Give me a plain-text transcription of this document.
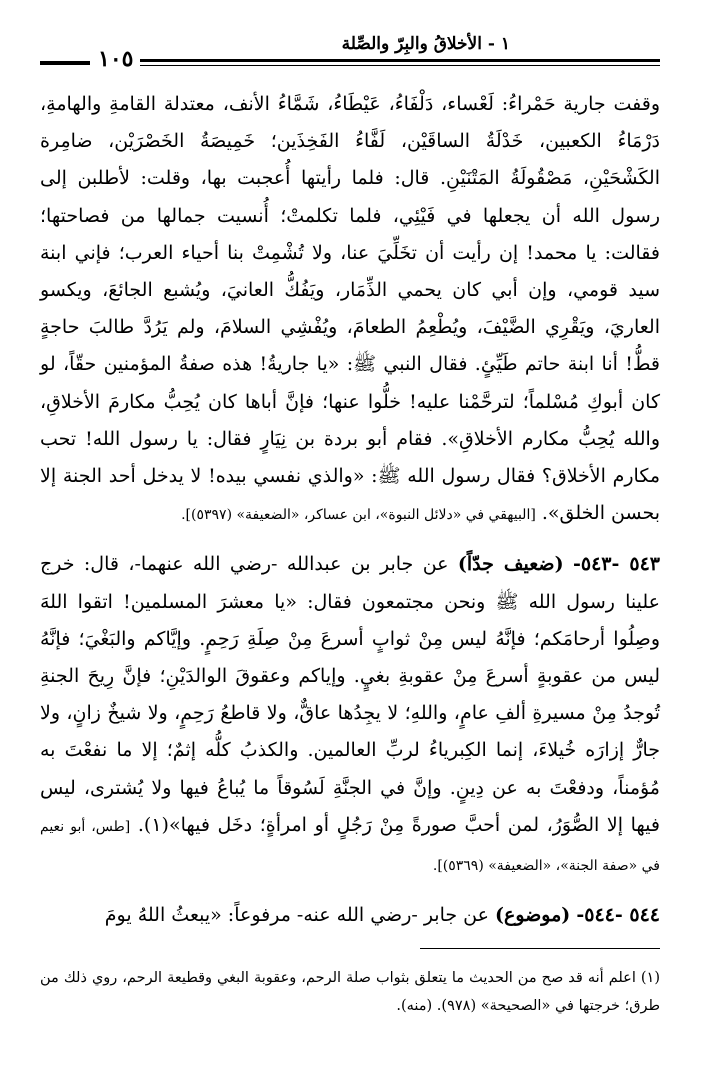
١ - الأخلاقُ والبِرّ والصِّلة
١٠٥

وقفت جارية حَمْراءُ: لَعْساء، دَلْفَاءُ، عَيْطَاءُ، شَمَّاءُ الأنف، معتدلة القامةِ والهامةِ، دَرْمَاءُ الكعبين، خَدْلَةُ الساقَيْن، لَفَّاءُ الفَخِذَين؛ خَمِيصَةُ الخَصْرَيْن، ضامِرة الكَشْحَيْنِ، مَصْقُولَةُ المَتْنَيْنِ. قال: فلما رأيتها أُعجبت بها، وقلت: لأطلبن إلى رسول الله أن يجعلها في فَيْئِي، فلما تكلمتْ؛ أُنسيت جمالها من فصاحتها؛ فقالت: يا محمد! إن رأيت أن تخَلِّيَ عنا، ولا تُشْمِتْ بنا أحياء العرب؛ فإني ابنة سيد قومي، وإن أبي كان يحمي الذِّمَار، ويَفُكُّ العانيَ، ويُشبع الجائعَ، ويكسو العاريَ، ويَقْرِي الضَّيْفَ، ويُطْعِمُ الطعامَ، ويُفْشِي السلامَ، ولم يَرُدَّ طالبَ حاجةٍ قطُّ! أنا ابنة حاتم طَيِّئٍ. فقال النبي ﷺ: «يا جاريةُ! هذه صفةُ المؤمنين حقّاً، لو كان أبوكِ مُسْلماً؛ لترحَّمْنا عليه! خلُّوا عنها؛ فإنَّ أباها كان يُحِبُّ مكارمَ الأخلاقِ، والله يُحِبُّ مكارم الأخلاقِ». فقام أبو بردة بن نِيَارٍ فقال: يا رسول الله! تحب مكارم الأخلاق؟ فقال رسول الله ﷺ: «والذي نفسي بيده! لا يدخل أحد الجنة إلا بحسن الخلق». [البيهقي في «دلائل النبوة»، ابن عساكر، «الضعيفة» (٥٣٩٧)].

٥٤٣ -٥٤٣- (ضعيف جدّاً) عن جابر بن عبدالله -رضي الله عنهما-، قال: خرج علينا رسول الله ﷺ ونحن مجتمعون فقال: «يا معشرَ المسلمين! اتقوا اللهَ وصِلُوا أرحامَكم؛ فإنَّهُ ليس مِنْ ثوابٍ أسرعَ مِنْ صِلَةِ رَحِمٍ. وإيَّاكم والبَغْيَ؛ فإنَّهُ ليس من عقوبةٍ أسرعَ مِنْ عقوبةِ بغيٍ. وإياكم وعقوقَ الوالدَيْنِ؛ فإنَّ رِيحَ الجنةِ تُوجدُ مِنْ مسيرةِ ألفِ عامٍ، واللهِ؛ لا يجِدُها عاقٌّ، ولا قاطعُ رَحِمٍ، ولا شيخٌ زانٍ، ولا جارٌّ إزارَه خُيلاءَ، إنما الكِبرياءُ لربِّ العالمين. والكذبُ كلُّه إثمٌ؛ إلا ما نفعْتَ به مُؤمناً، ودفعْتَ به عن دِينٍ. وإنَّ في الجنَّةِ لَسُوقاً ما يُباعُ فيها ولا يُشترى، ليس فيها إلا الصُّوَرُ، لمن أحبَّ صورةً مِنْ رَجُلٍ أو امرأةٍ؛ دخَل فيها»(١). [طس، أبو نعيم في «صفة الجنة»، «الضعيفة» (٥٣٦٩)].

٥٤٤ -٥٤٤- (موضوع) عن جابر -رضي الله عنه- مرفوعاً: «يبعثُ اللهُ يومَ

(١) اعلم أنه قد صح من الحديث ما يتعلق بثواب صلة الرحم، وعقوبة البغي وقطيعة الرحم، روي ذلك من طرق؛ خرجتها في «الصحيحة» (٩٧٨). (منه).
